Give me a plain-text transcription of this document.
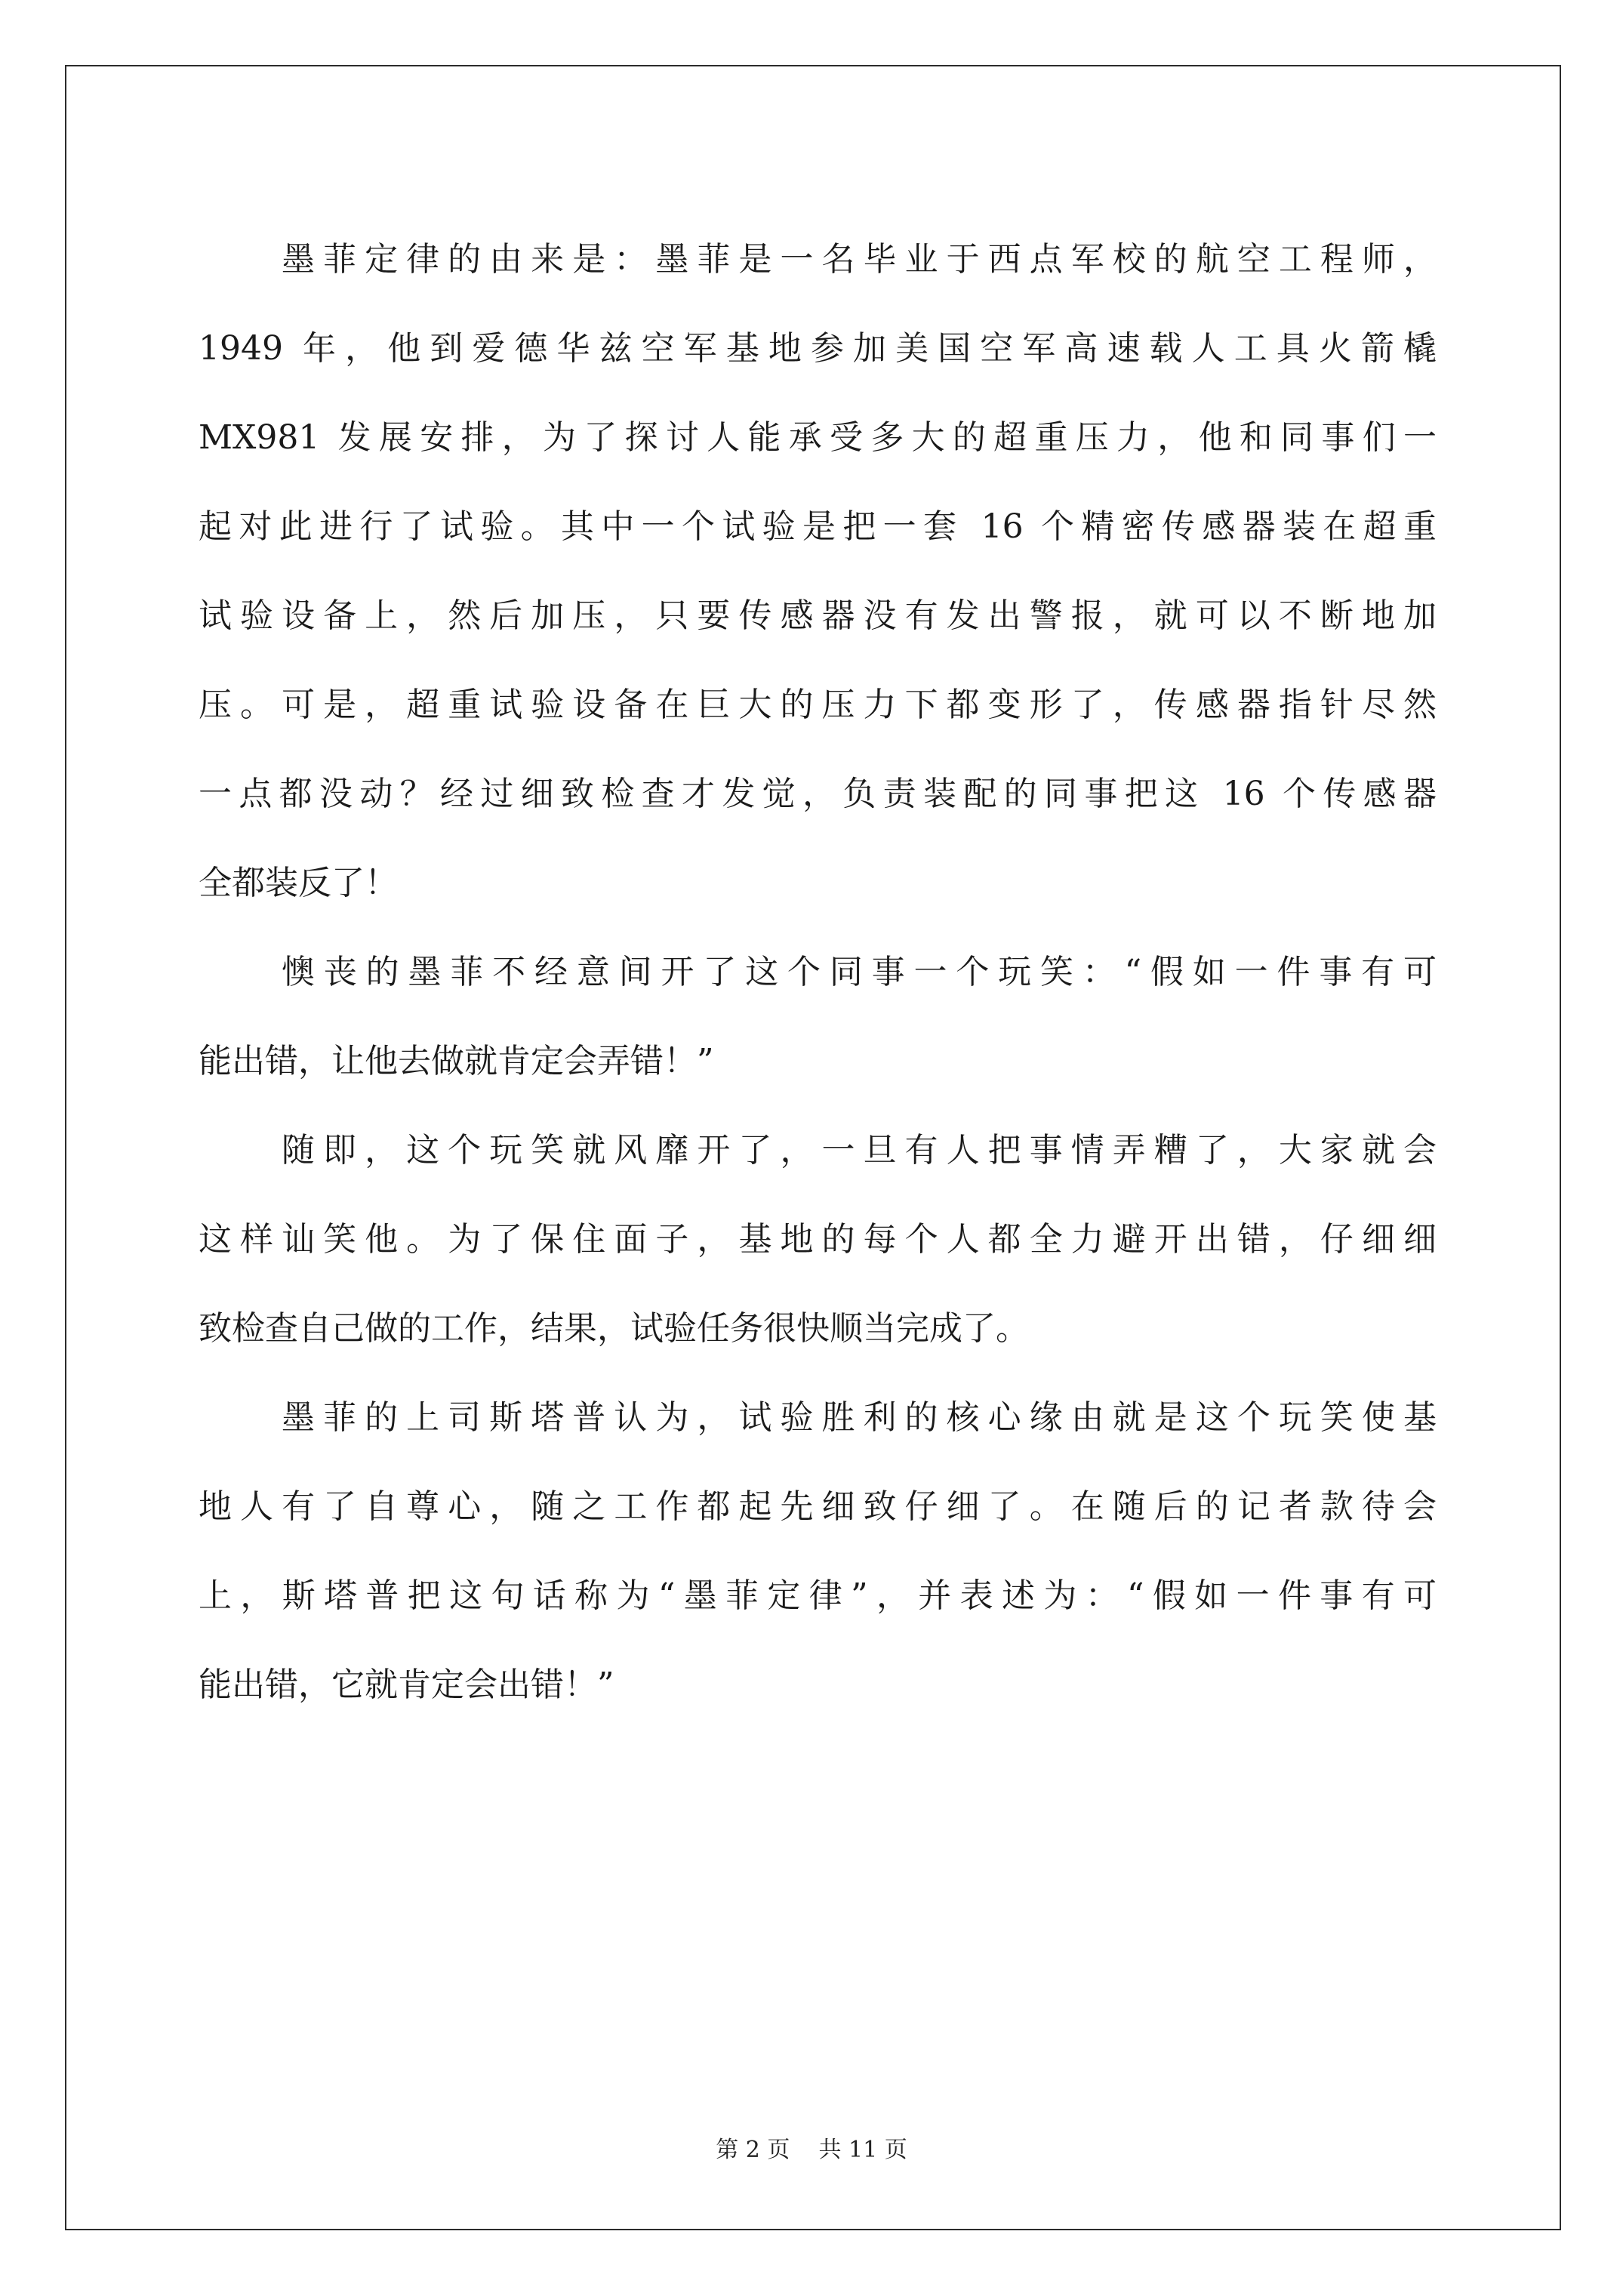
墨菲定律的由来是：墨菲是一名毕业于西点军校的航空工程师，
1949 年，他到爱德华兹空军基地参加美国空军高速载人工具火箭橇
MX981 发展安排，为了探讨人能承受多大的超重压力，他和同事们一
起对此进行了试验。其中一个试验是把一套 16 个精密传感器装在超重
试验设备上，然后加压，只要传感器没有发出警报，就可以不断地加
压。可是，超重试验设备在巨大的压力下都变形了，传感器指针尽然
一点都没动？经过细致检查才发觉，负责装配的同事把这 16 个传感器
全都装反了！
懊丧的墨菲不经意间开了这个同事一个玩笑：“假如一件事有可
能出错，让他去做就肯定会弄错！”
随即，这个玩笑就风靡开了，一旦有人把事情弄糟了，大家就会
这样讪笑他。为了保住面子，基地的每个人都全力避开出错，仔细细
致检查自己做的工作，结果，试验任务很快顺当完成了。
墨菲的上司斯塔普认为，试验胜利的核心缘由就是这个玩笑使基
地人有了自尊心，随之工作都起先细致仔细了。在随后的记者款待会
上，斯塔普把这句话称为“墨菲定律”，并表述为：“假如一件事有可
能出错，它就肯定会出错！”
第 2 页    共 11 页
